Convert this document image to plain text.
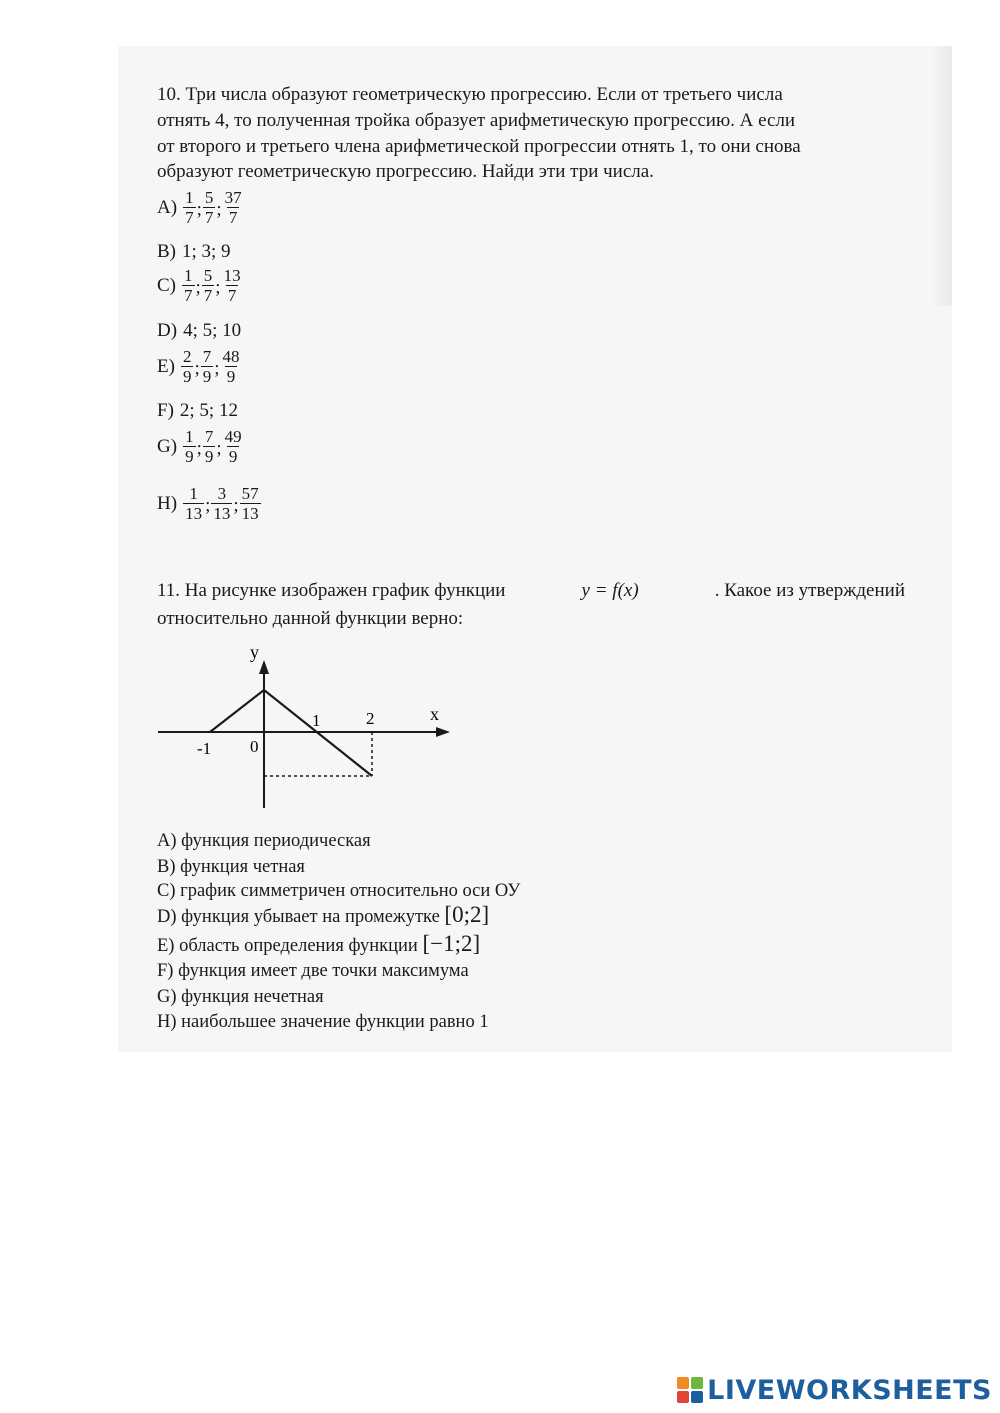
10. Три числа образуют геометрическую прогрессию. Если от третьего числа
отнять 4, то полученная тройка образует арифметическую прогрессию. А если
от второго и третьего члена арифметической прогрессии отнять 1, то они снова
образуют геометрическую прогрессию. Найди эти три числа.
$A) \frac{1}{7}$ ; $\frac{5}{7}$ ; $\frac{37}{7}$
B) 1; 3; 9
$C) \frac{1}{7}$ ; $\frac{5}{7}$ ; $\frac{13}{7}$
D) 4; 5; 10
$E) \frac{2}{9}$ ; $\frac{7}{9}$ ; $\frac{48}{9}$
F) 2; 5; 12
$G) \frac{1}{9}$ ; $\frac{7}{9}$ ; $\frac{49}{9}$
$H) \frac{1}{13}$ ; $\frac{3}{13}$ ; $\frac{57}{13}$
11. На рисунке изображен график функции	y = f(x)	. Какое из утверждений
относительно данной функции верно:
x
y
-1 0
1	2
A) функция периодическая
B) функция четная
C) график симметричен относительно оси ОУ
D) функция убывает на промежутке [0;2]
E) область определения функции [−1;2]
F) функция имеет две точки максимума
G) функция нечетная
H) наибольшее значение функции равно 1
LIVEWORKSHEETS
